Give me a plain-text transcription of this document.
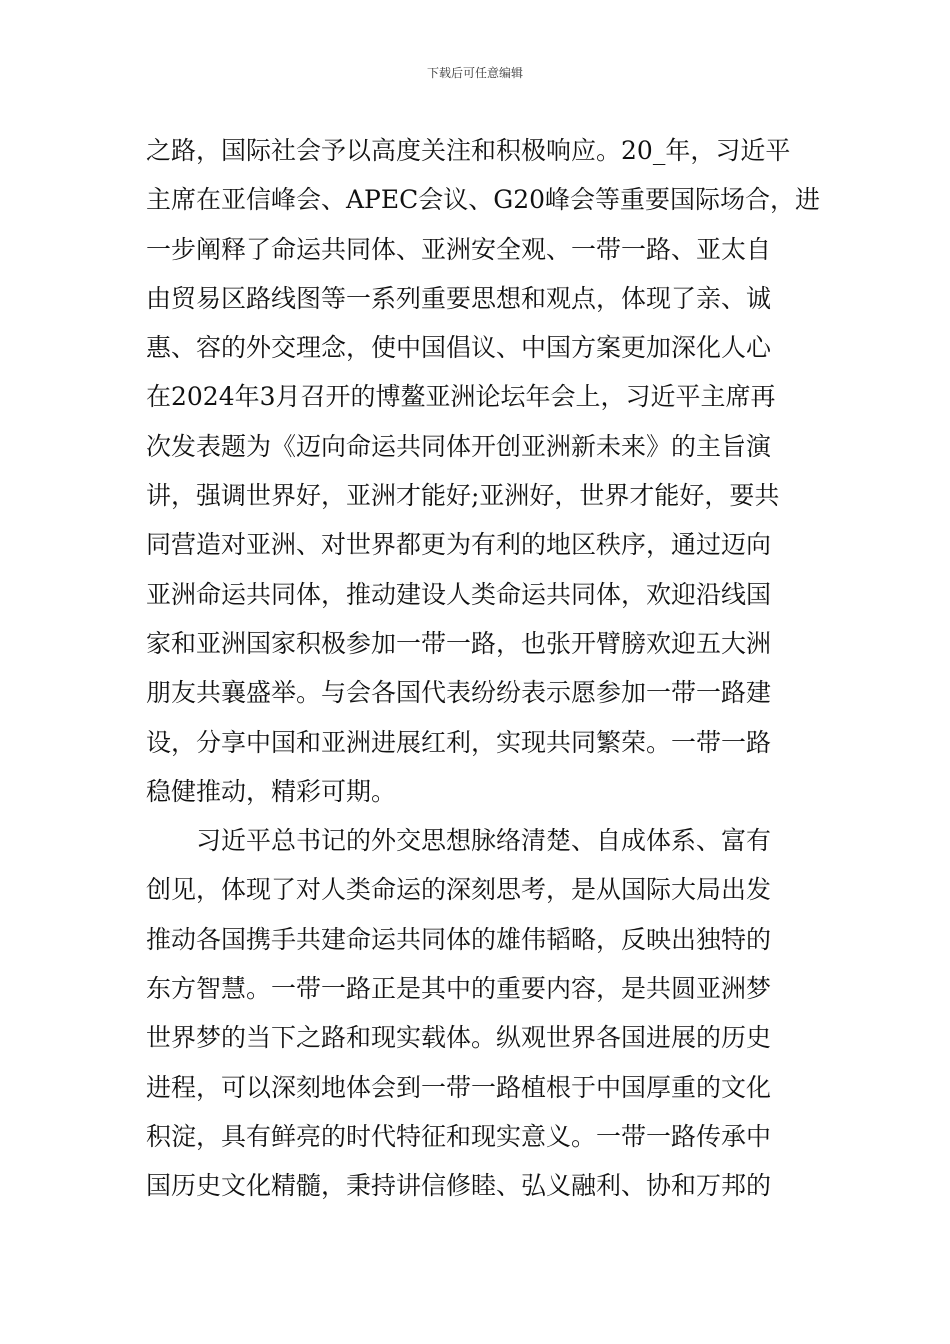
下载后可任意编辑
之路，国际社会予以高度关注和积极响应。20_年，习近平
主席在亚信峰会、APEC会议、G20峰会等重要国际场合，进
一步阐释了命运共同体、亚洲安全观、一带一路、亚太自
由贸易区路线图等一系列重要思想和观点，体现了亲、诚
惠、容的外交理念，使中国倡议、中国方案更加深化人心
在2024年3月召开的博鳌亚洲论坛年会上，习近平主席再
次发表题为《迈向命运共同体开创亚洲新未来》的主旨演
讲，强调世界好，亚洲才能好;亚洲好，世界才能好，要共
同营造对亚洲、对世界都更为有利的地区秩序，通过迈向
亚洲命运共同体，推动建设人类命运共同体，欢迎沿线国
家和亚洲国家积极参加一带一路，也张开臂膀欢迎五大洲
朋友共襄盛举。与会各国代表纷纷表示愿参加一带一路建
设，分享中国和亚洲进展红利，实现共同繁荣。一带一路
稳健推动，精彩可期。
　　习近平总书记的外交思想脉络清楚、自成体系、富有
创见，体现了对人类命运的深刻思考，是从国际大局出发
推动各国携手共建命运共同体的雄伟韬略，反映出独特的
东方智慧。一带一路正是其中的重要内容，是共圆亚洲梦
世界梦的当下之路和现实载体。纵观世界各国进展的历史
进程，可以深刻地体会到一带一路植根于中国厚重的文化
积淀，具有鲜亮的时代特征和现实意义。一带一路传承中
国历史文化精髓，秉持讲信修睦、弘义融利、协和万邦的
